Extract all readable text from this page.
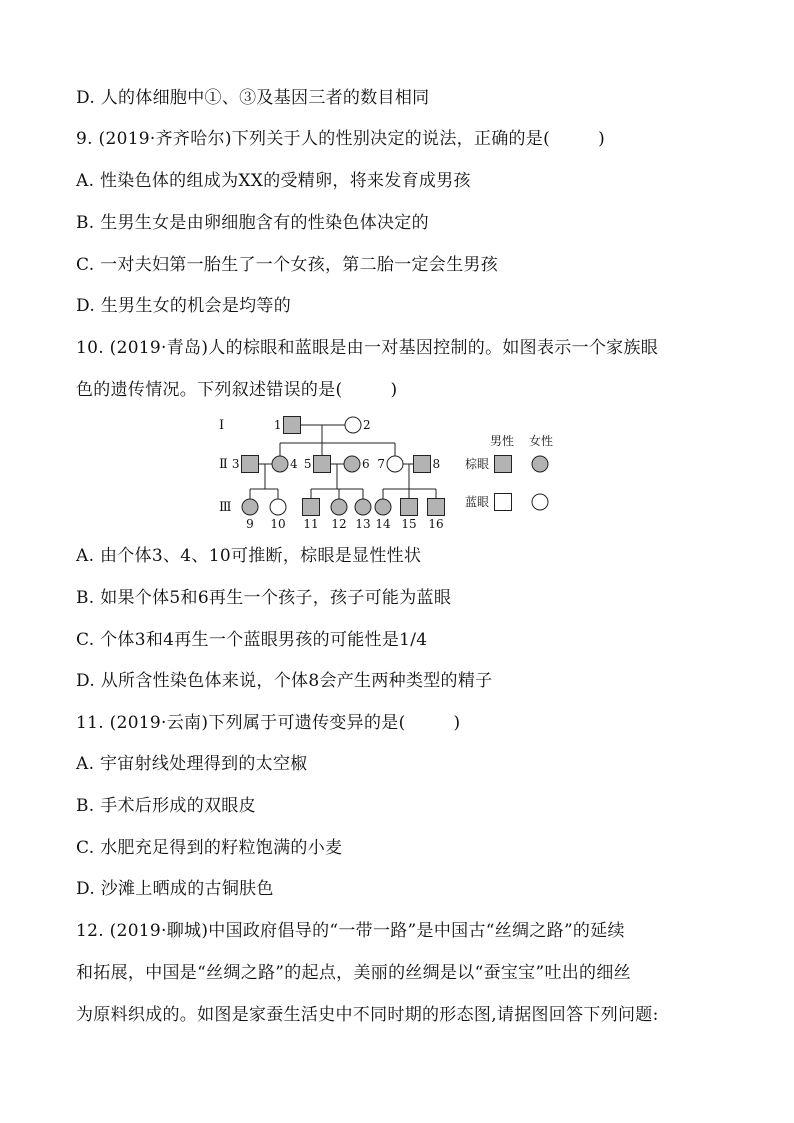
D. 人的体细胞中①、③及基因三者的数目相同

9. (2019·齐齐哈尔)下列关于人的性别决定的说法，正确的是(	)

A. 性染色体的组成为XX的受精卵，将来发育成男孩

B. 生男生女是由卵细胞含有的性染色体决定的

C. 一对夫妇第一胎生了一个女孩，第二胎一定会生男孩

D. 生男生女的机会是均等的

10. (2019·青岛)人的棕眼和蓝眼是由一对基因控制的。如图表示一个家族眼

色的遗传情况。下列叙述错误的是(	)

Ⅰ
Ⅱ
Ⅲ
1	2
3	4 5	6 7	8
9 10 11 12 13 14 15 16
男性 女性
棕眼
蓝眼

A. 由个体3、4、10可推断，棕眼是显性性状

B. 如果个体5和6再生一个孩子，孩子可能为蓝眼

C. 个体3和4再生一个蓝眼男孩的可能性是1/4

D. 从所含性染色体来说，个体8会产生两种类型的精子

11. (2019·云南)下列属于可遗传变异的是(	)

A. 宇宙射线处理得到的太空椒

B. 手术后形成的双眼皮

C. 水肥充足得到的籽粒饱满的小麦

D. 沙滩上晒成的古铜肤色

12. (2019·聊城)中国政府倡导的“一带一路”是中国古“丝绸之路”的延续

和拓展，中国是“丝绸之路”的起点，美丽的丝绸是以“蚕宝宝”吐出的细丝

为原料织成的。如图是家蚕生活史中不同时期的形态图,请据图回答下列问题:
